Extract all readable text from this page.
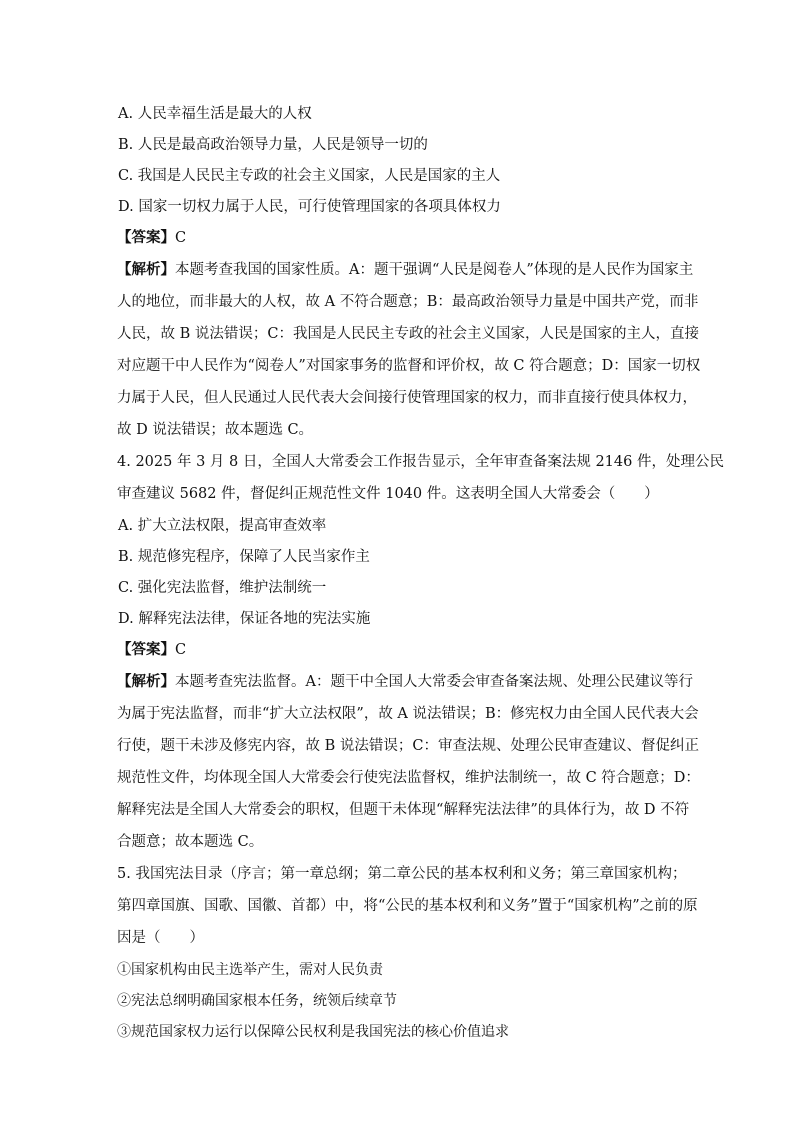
A. 人民幸福生活是最大的人权
B. 人民是最高政治领导力量，人民是领导一切的
C. 我国是人民民主专政的社会主义国家，人民是国家的主人
D. 国家一切权力属于人民，可行使管理国家的各项具体权力
【答案】C
【解析】本题考查我国的国家性质。A：题干强调“人民是阅卷人”体现的是人民作为国家主
人的地位，而非最大的人权，故 A 不符合题意；B：最高政治领导力量是中国共产党，而非
人民，故 B 说法错误；C：我国是人民民主专政的社会主义国家，人民是国家的主人，直接
对应题干中人民作为“阅卷人”对国家事务的监督和评价权，故 C 符合题意；D：国家一切权
力属于人民，但人民通过人民代表大会间接行使管理国家的权力，而非直接行使具体权力，
故 D 说法错误；故本题选 C。
4. 2025 年 3 月 8 日，全国人大常委会工作报告显示，全年审查备案法规 2146 件，处理公民
审查建议 5682 件，督促纠正规范性文件 1040 件。这表明全国人大常委会（　　）
A. 扩大立法权限，提高审查效率
B. 规范修宪程序，保障了人民当家作主
C. 强化宪法监督，维护法制统一
D. 解释宪法法律，保证各地的宪法实施
【答案】C
【解析】本题考查宪法监督。A：题干中全国人大常委会审查备案法规、处理公民建议等行
为属于宪法监督，而非“扩大立法权限”，故 A 说法错误；B：修宪权力由全国人民代表大会
行使，题干未涉及修宪内容，故 B 说法错误；C：审查法规、处理公民审查建议、督促纠正
规范性文件，均体现全国人大常委会行使宪法监督权，维护法制统一，故 C 符合题意；D：
解释宪法是全国人大常委会的职权，但题干未体现“解释宪法法律”的具体行为，故 D 不符
合题意；故本题选 C。
5. 我国宪法目录（序言；第一章总纲；第二章公民的基本权利和义务；第三章国家机构；
第四章国旗、国歌、国徽、首都）中，将“公民的基本权利和义务”置于“国家机构”之前的原
因是（　　）
①国家机构由民主选举产生，需对人民负责
②宪法总纲明确国家根本任务，统领后续章节
③规范国家权力运行以保障公民权利是我国宪法的核心价值追求
